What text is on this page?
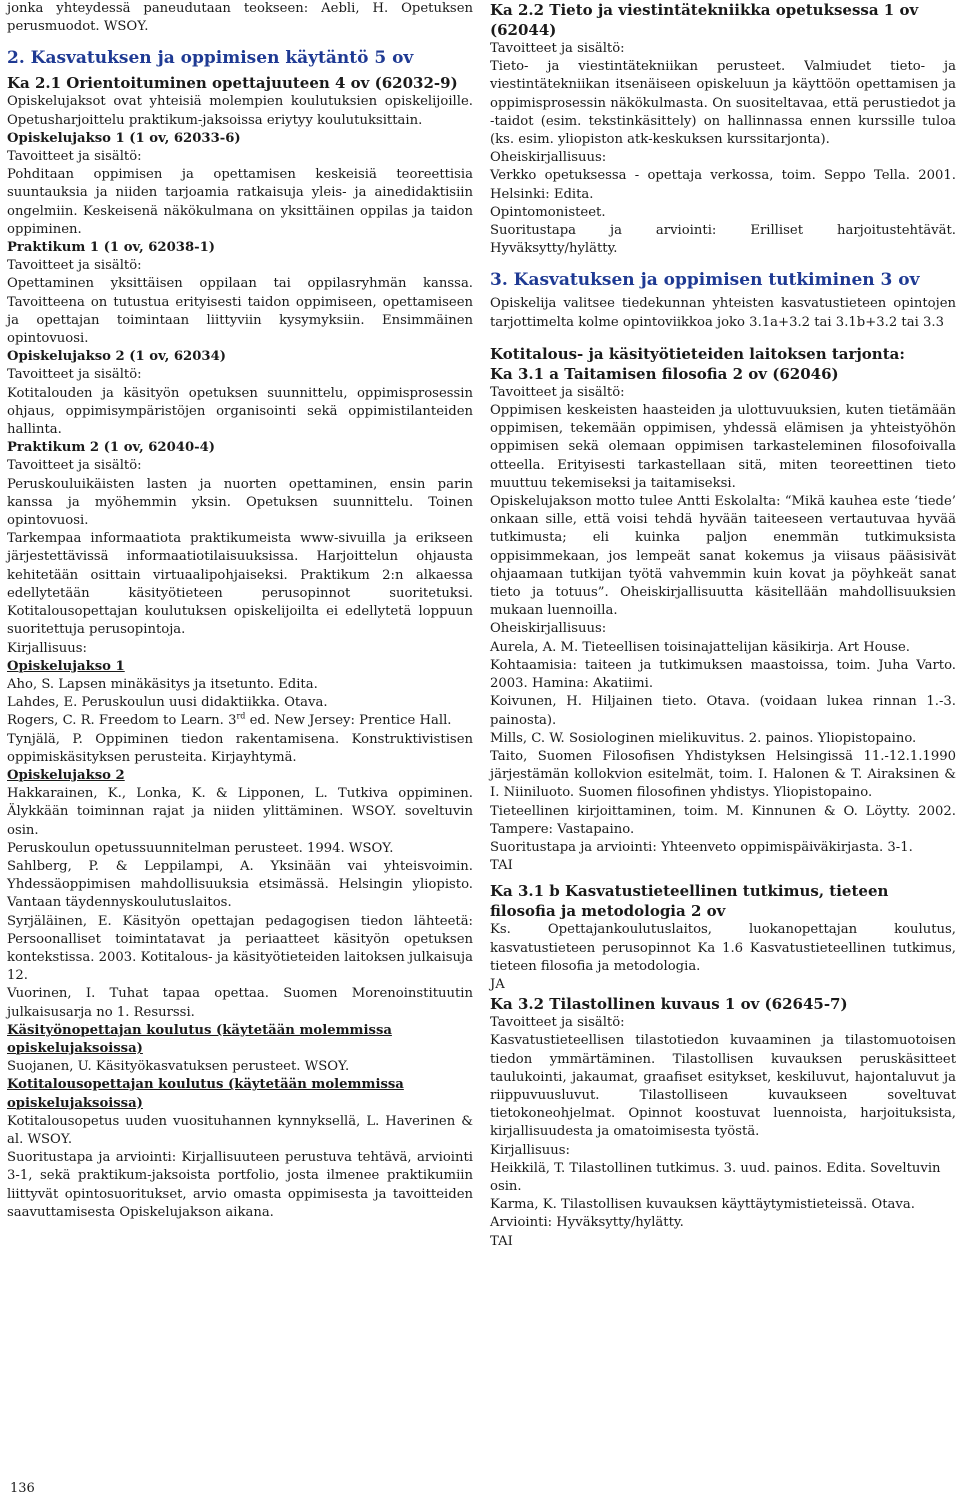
jonka yhteydessä paneudutaan teokseen: Aebli, H. Opetuksen perusmuodot. WSOY.
2. Kasvatuksen ja oppimisen käytäntö 5 ov
Ka 2.1 Orientoituminen opettajuuteen 4 ov (62032-9)
Opiskelujaksot ovat yhteisiä molempien koulutuksien opiskelijoille. Opetusharjoittelu praktikum-jaksoissa eriytyy koulutuksittain.
Opiskelujakso 1 (1 ov, 62033-6)
Tavoitteet ja sisältö:
Pohditaan oppimisen ja opettamisen keskeisiä teoreettisia suuntauksia ja niiden tarjoamia ratkaisuja yleis- ja ainedidaktisiin ongelmiin. Keskeisenä näkökulmana on yksittäinen oppilas ja taidon oppiminen.
Praktikum 1 (1 ov, 62038-1)
Tavoitteet ja sisältö:
Opettaminen yksittäisen oppilaan tai oppilasryhmän kanssa. Tavoitteena on tutustua erityisesti taidon oppimiseen, opettamiseen ja opettajan toimintaan liittyviin kysymyksiin. Ensimmäinen opintovuosi.
Opiskelujakso 2 (1 ov, 62034)
Tavoitteet ja sisältö:
Kotitalouden ja käsityön opetuksen suunnittelu, oppimisprosessin ohjaus, oppimisympäristöjen organisointi sekä oppimistilanteiden hallinta.
Praktikum 2 (1 ov, 62040-4)
Tavoitteet ja sisältö:
Peruskouluikäisten lasten ja nuorten opettaminen, ensin parin kanssa ja myöhemmin yksin. Opetuksen suunnittelu. Toinen opintovuosi.
Tarkempaa informaatiota praktikumeista www-sivuilla ja erikseen järjestettävissä informaatiotilaisuuksissa. Harjoittelun ohjausta kehitetään osittain virtuaalipohjaiseksi. Praktikum 2:n alkaessa edellytetään käsityötieteen perusopinnot suoritetuksi. Kotitalousopettajan koulutuksen opiskelijoilta ei edellytetä loppuun suoritettuja perusopintoja.
Kirjallisuus:
Opiskelujakso 1
Aho, S. Lapsen minäkäsitys ja itsetunto. Edita.
Lahdes, E. Peruskoulun uusi didaktiikka. Otava.
Rogers, C. R. Freedom to Learn. 3rd ed. New Jersey: Prentice Hall.
Tynjälä, P. Oppiminen tiedon rakentamisena. Konstruktivistisen oppimiskäsityksen perusteita. Kirjayhtymä.
Opiskelujakso 2
Hakkarainen, K., Lonka, K. & Lipponen, L. Tutkiva oppiminen. Älykkään toiminnan rajat ja niiden ylittäminen. WSOY. soveltuvin osin.
Peruskoulun opetussuunnitelman perusteet. 1994. WSOY.
Sahlberg, P. & Leppilampi, A. Yksinään vai yhteisvoimin. Yhdessäoppimisen mahdollisuuksia etsimässä. Helsingin yliopisto. Vantaan täydennyskoulutuslaitos.
Syrjäläinen, E. Käsityön opettajan pedagogisen tiedon lähteetä: Persoonalliset toimintatavat ja periaatteet käsityön opetuksen kontekstissa. 2003. Kotitalous- ja käsityötieteiden laitoksen julkaisuja 12.
Vuorinen, I. Tuhat tapaa opettaa. Suomen Morenoinstituutin julkaisusarja no 1. Resurssi.
Käsityönopettajan koulutus (käytetään molemmissa opiskelujaksoissa)
Suojanen, U. Käsityökasvatuksen perusteet. WSOY.
Kotitalousopettajan koulutus (käytetään molemmissa opiskelujaksoissa)
Kotitalousopetus uuden vuosituhannen kynnyksellä, L. Haverinen & al. WSOY.
Suoritustapa ja arviointi: Kirjallisuuteen perustuva tehtävä, arviointi 3-1, sekä praktikum-jaksoista portfolio, josta ilmenee praktikumiin liittyvät opintosuoritukset, arvio omasta oppimisesta ja tavoitteiden saavuttamisesta Opiskelujakson aikana.
Ka 2.2 Tieto ja viestintätekniikka opetuksessa 1 ov (62044)
Tavoitteet ja sisältö:
Tieto- ja viestintätekniikan perusteet. Valmiudet tieto- ja viestintätekniikan itsenäiseen opiskeluun ja käyttöön opettamisen ja oppimisprosessin näkökulmasta. On suositeltavaa, että perustiedot ja -taidot (esim. tekstinkäsittely) on hallinnassa ennen kurssille tuloa (ks. esim. yliopiston atk-keskuksen kurssitarjonta).
Oheiskirjallisuus:
Verkko opetuksessa - opettaja verkossa, toim. Seppo Tella. 2001. Helsinki: Edita.
Opintomonisteet.
Suoritustapa ja arviointi: Erilliset harjoitustehtävät. Hyväksytty/hylätty.
3. Kasvatuksen ja oppimisen tutkiminen 3 ov
Opiskelija valitsee tiedekunnan yhteisten kasvatustieteen opintojen tarjottimelta kolme opintoviikkoa joko 3.1a+3.2 tai 3.1b+3.2 tai 3.3
Kotitalous- ja käsityötieteiden laitoksen tarjonta:
Ka 3.1 a Taitamisen filosofia 2 ov (62046)
Tavoitteet ja sisältö:
Oppimisen keskeisten haasteiden ja ulottuvuuksien, kuten tietämään oppimisen, tekemään oppimisen, yhdessä elämisen ja yhteistyöhön oppimisen sekä olemaan oppimisen tarkasteleminen filosofoivalla otteella. Erityisesti tarkastellaan sitä, miten teoreettinen tieto muuttuu tekemiseksi ja taitamiseksi.
Opiskelujakson motto tulee Antti Eskolalta: “Mikä kauhea este ‘tiede’ onkaan sille, että voisi tehdä hyvään taiteeseen vertautuvaa hyvää tutkimusta; eli kuinka paljon enemmän tutkimuksista oppisimmekaan, jos lempeät sanat kokemus ja viisaus pääsisivät ohjaamaan tutkijan työtä vahvemmin kuin kovat ja pöyhkeät sanat tieto ja totuus”. Oheiskirjallisuutta käsitellään mahdollisuuksien mukaan luennoilla.
Oheiskirjallisuus:
Aurela, A. M. Tieteellisen toisinajattelijan käsikirja. Art House.
Kohtaamisia: taiteen ja tutkimuksen maastoissa, toim. Juha Varto. 2003. Hamina: Akatiimi.
Koivunen, H. Hiljainen tieto. Otava. (voidaan lukea rinnan 1.-3. painosta).
Mills, C. W. Sosiologinen mielikuvitus. 2. painos. Yliopistopaino.
Taito, Suomen Filosofisen Yhdistyksen Helsingissä 11.-12.1.1990 järjestämän kollokvion esitelmät, toim. I. Halonen & T. Airaksinen & I. Niiniluoto. Suomen filosofinen yhdistys. Yliopistopaino.
Tieteellinen kirjoittaminen, toim. M. Kinnunen & O. Löytty. 2002. Tampere: Vastapaino.
Suoritustapa ja arviointi: Yhteenveto oppimispäiväkirjasta. 3-1.
TAI
Ka 3.1 b Kasvatustieteellinen tutkimus, tieteen filosofia ja metodologia 2 ov
Ks. Opettajankoulutuslaitos, luokanopettajan koulutus, kasvatustieteen perusopinnot Ka 1.6 Kasvatustieteellinen tutkimus, tieteen filosofia ja metodologia.
JA
Ka 3.2 Tilastollinen kuvaus 1 ov (62645-7)
Tavoitteet ja sisältö:
Kasvatustieteellisen tilastotiedon kuvaaminen ja tilastomuotoisen tiedon ymmärtäminen. Tilastollisen kuvauksen peruskäsitteet taulukointi, jakaumat, graafiset esitykset, keskiluvut, hajontaluvut ja riippuvuusluvut. Tilastolliseen kuvaukseen soveltuvat tietokoneohjelmat. Opinnot koostuvat luennoista, harjoituksista, kirjallisuudesta ja omatoimisesta työstä.
Kirjallisuus:
Heikkilä, T. Tilastollinen tutkimus. 3. uud. painos. Edita. Soveltuvin osin.
Karma, K. Tilastollisen kuvauksen käyttäytymistieteissä. Otava.
Arviointi: Hyväksytty/hylätty.
TAI
136
